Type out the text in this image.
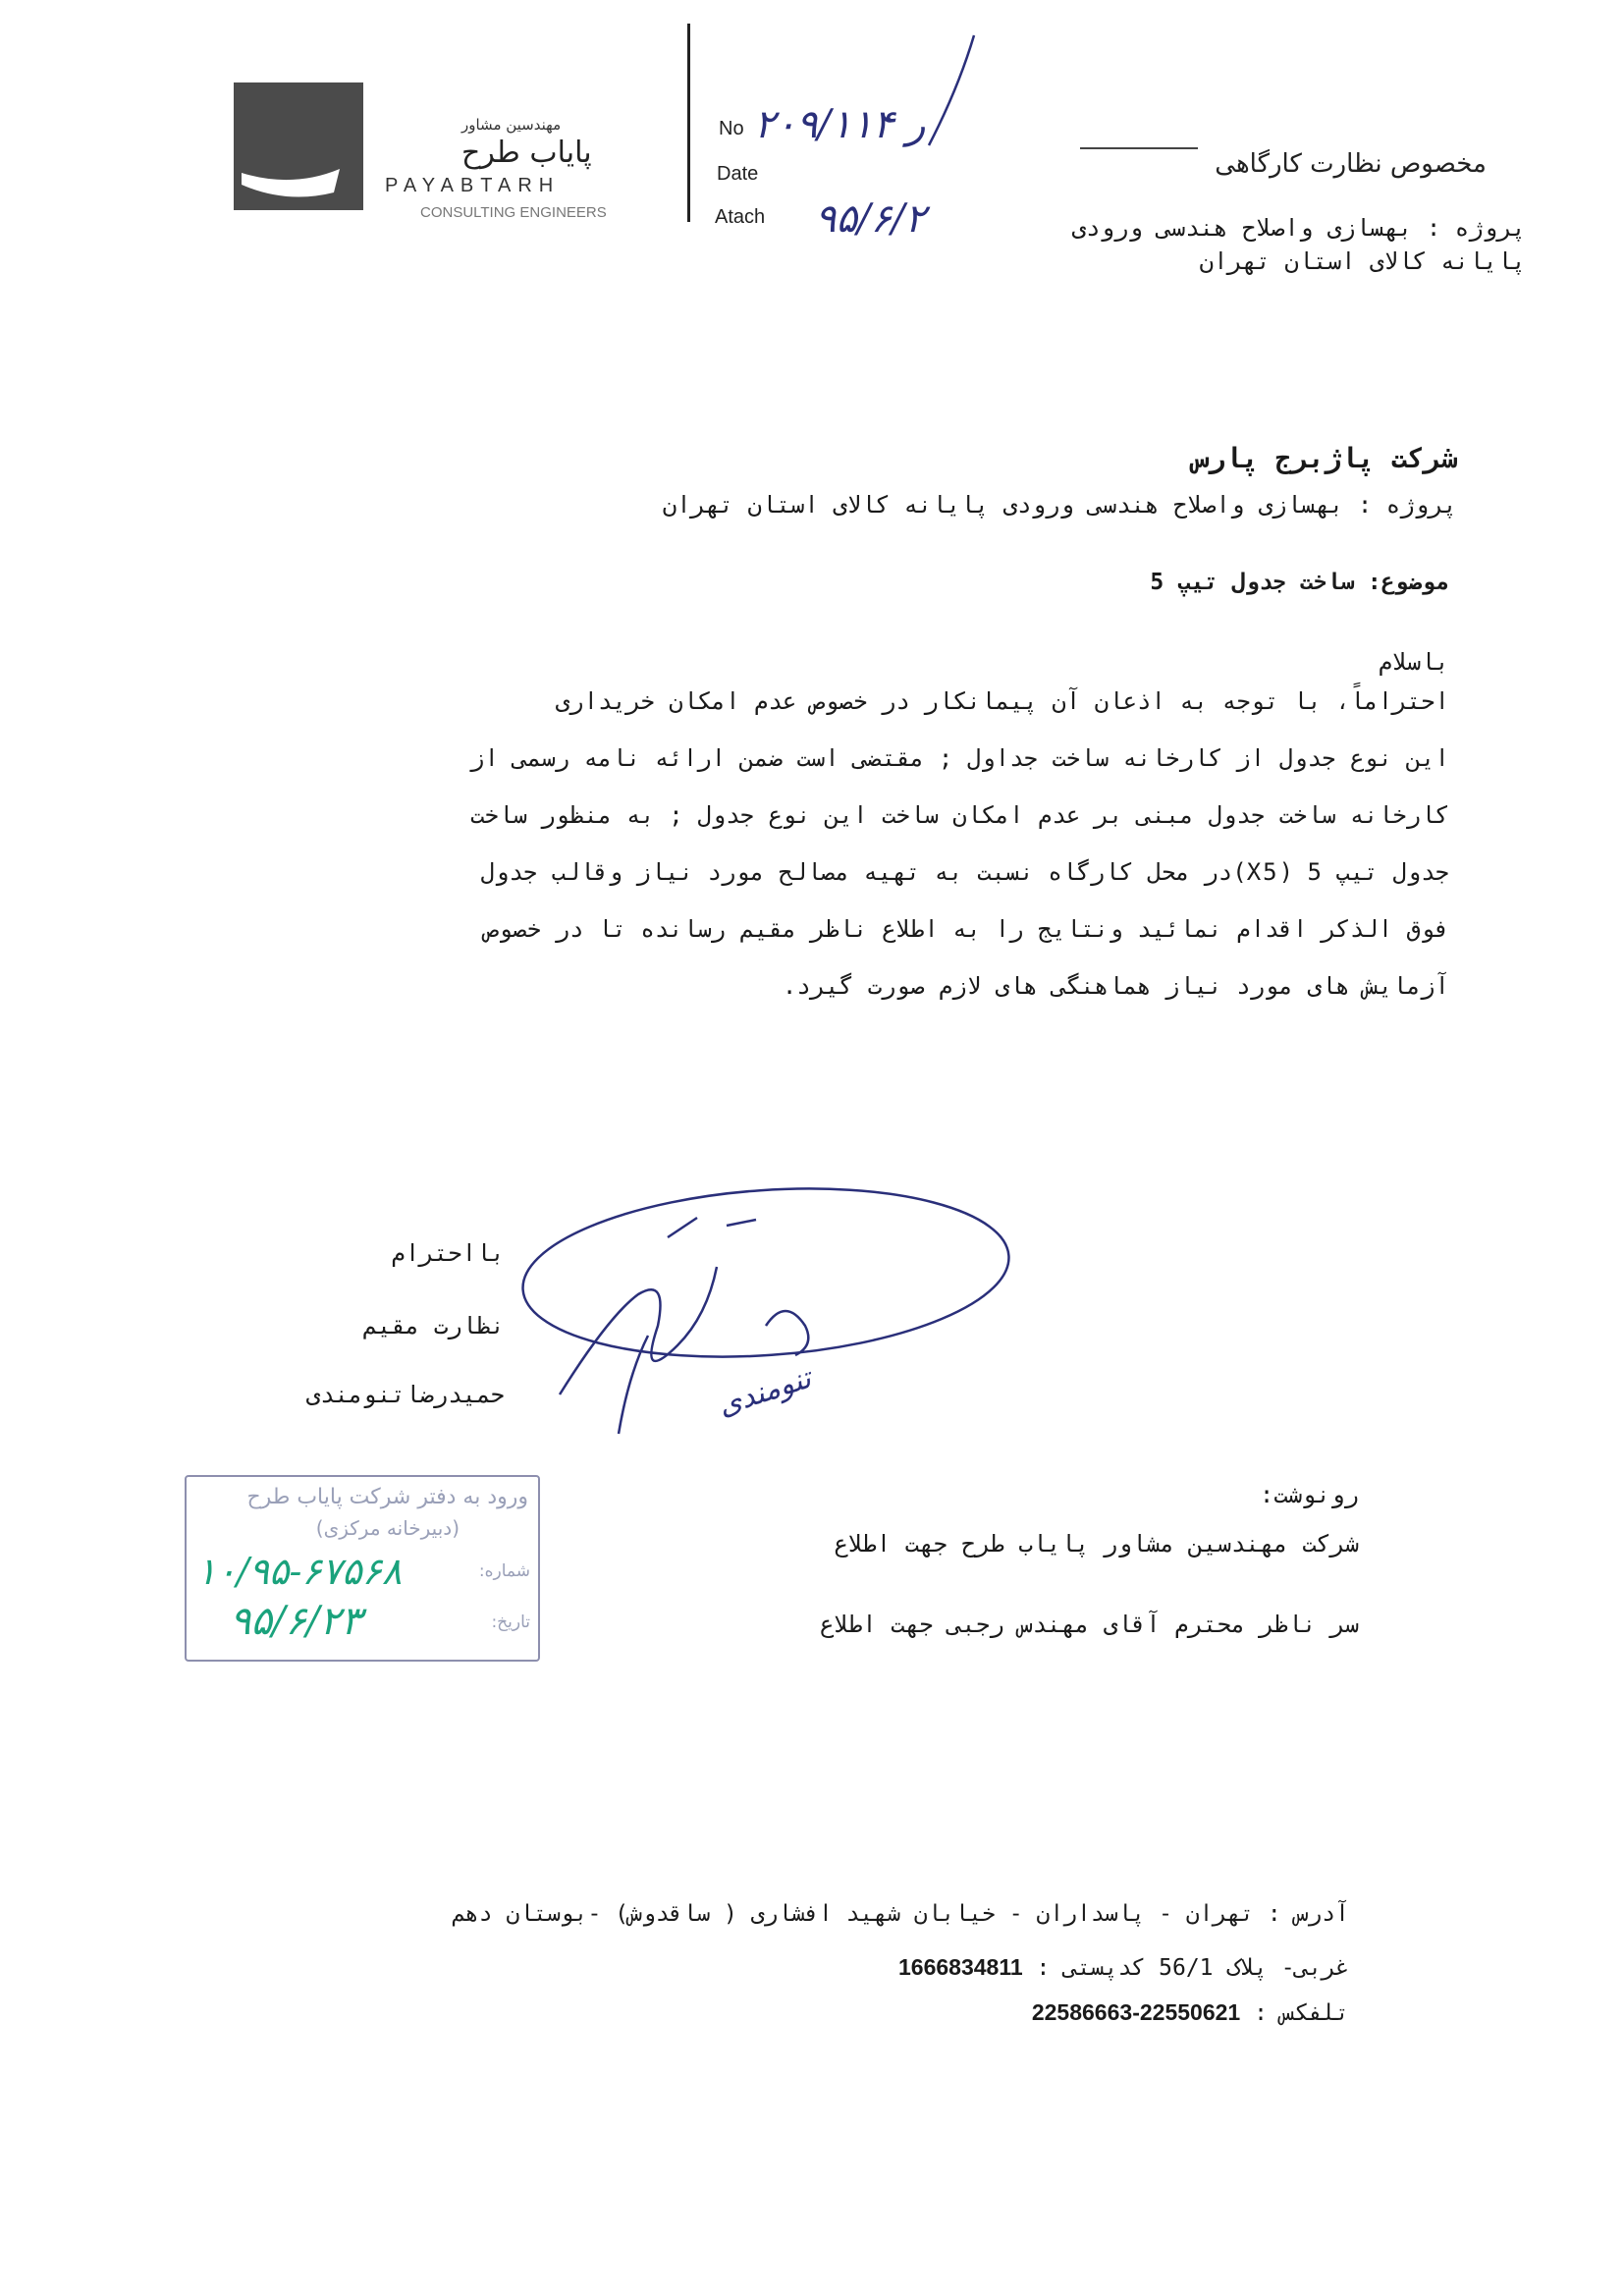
مهندسین مشاور
پایاب طرح
PAYABTARH
CONSULTING ENGINEERS
No ۲۰۹/ر ۱۱۴
Date
Atach ۹۵/۶/۲
مخصوص نظارت کارگاهی
پروژه : بهسازی واصلاح هندسی ورودی
پایانه کالای استان تهران
شرکت پاژبرج پارس
پروژه : بهسازی واصلاح هندسی ورودی پایانه کالای استان تهران
موضوع: ساخت جدول تیپ 5
باسلام
احتراماً، با توجه به اذعان آن پیمانکار در خصوص عدم امکان خریداری
این نوع جدول از کارخانه ساخت جداول ; مقتضی است ضمن ارائه نامه رسمی از
کارخانه ساخت جدول مبنی بر عدم امکان ساخت این نوع جدول ; به منظور ساخت
جدول تیپ 5 (X5)در محل کارگاه نسبت به تهیه مصالح مورد نیاز وقالب جدول
فوق الذکر اقدام نمائید ونتایج را به اطلاع ناظر مقیم رسانده تا در خصوص
آزمایش های مورد نیاز هماهنگی های لازم صورت گیرد.
تنومندی
بااحترام
نظارت مقیم
حمیدرضاتنومندی
ورود به دفتر شرکت پایاب طرح
(دبیرخانه مرکزی)
شماره:
۱۰/۹۵-۶۷۵۶۸
تاریخ:
۹۵/۶/۲۳
رونوشت:
شرکت مهندسین مشاور پایاب طرح جهت اطلاع
سر ناظر محترم آقای مهندس رجبی جهت اطلاع
آدرس : تهران - پاسداران - خیابان شهید افشاری ( ساقدوش) -بوستان دهم
غربی- پلاک 56/1 کدپستی : 1666834811
تلفکس : 22550621-22586663
